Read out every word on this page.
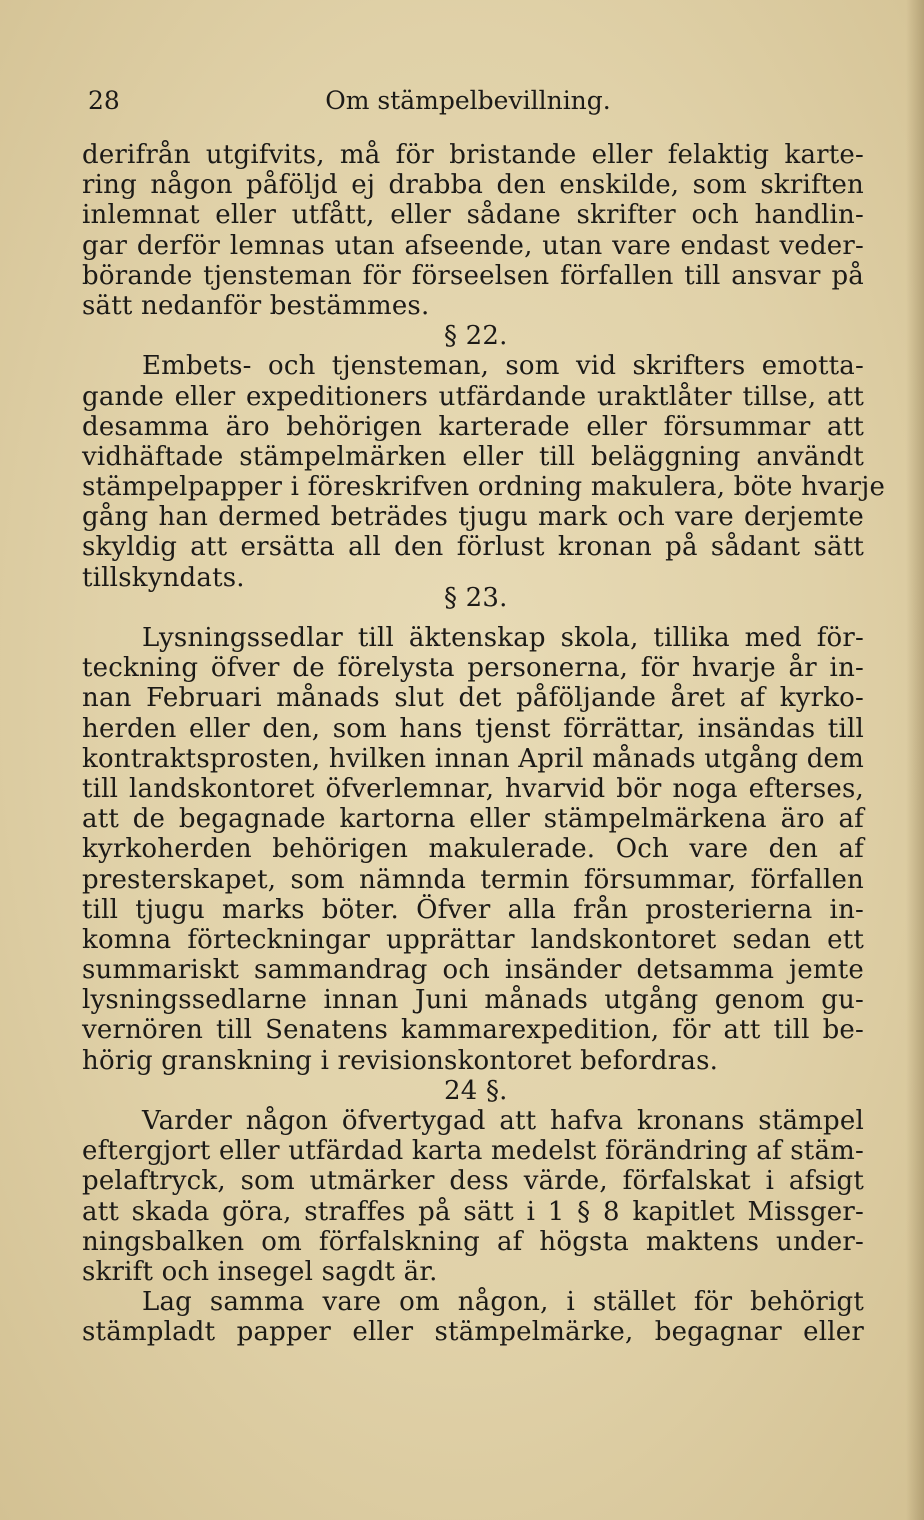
28	Om stämpelbevillning.
derifrån utgifvits, må för bristande eller felaktig karte-
ring någon påföljd ej drabba den enskilde, som skriften
inlemnat eller utfått, eller sådane skrifter och handlin-
gar derför lemnas utan afseende, utan vare endast veder-
börande tjensteman för förseelsen förfallen till ansvar på
sätt nedanför bestämmes.
§ 22.
Embets- och tjensteman, som vid skrifters emotta-
gande eller expeditioners utfärdande uraktlåter tillse, att
desamma äro behörigen karterade eller försummar att
vidhäftade stämpelmärken eller till beläggning användt
stämpelpapper i föreskrifven ordning makulera, böte hvarje
gång han dermed beträdes tjugu mark och vare derjemte
skyldig att ersätta all den förlust kronan på sådant sätt
tillskyndats.
§ 23.
Lysningssedlar till äktenskap skola, tillika med för-
teckning öfver de förelysta personerna, för hvarje år in-
nan Februari månads slut det påföljande året af kyrko-
herden eller den, som hans tjenst förrättar, insändas till
kontraktsprosten, hvilken innan April månads utgång dem
till landskontoret öfverlemnar, hvarvid bör noga efterses,
att de begagnade kartorna eller stämpelmärkena äro af
kyrkoherden behörigen makulerade. Och vare den af
presterskapet, som nämnda termin försummar, förfallen
till tjugu marks böter. Öfver alla från prosterierna in-
komna förteckningar upprättar landskontoret sedan ett
summariskt sammandrag och insänder detsamma jemte
lysningssedlarne innan Juni månads utgång genom gu-
vernören till Senatens kammarexpedition, för att till be-
hörig granskning i revisionskontoret befordras.
24 §.
Varder någon öfvertygad att hafva kronans stämpel
eftergjort eller utfärdad karta medelst förändring af stäm-
pelaftryck, som utmärker dess värde, förfalskat i afsigt
att skada göra, straffes på sätt i 1 § 8 kapitlet Missger-
ningsbalken om förfalskning af högsta maktens under-
skrift och insegel sagdt är.
Lag samma vare om någon, i stället för behörigt
stämpladt papper eller stämpelmärke, begagnar eller
